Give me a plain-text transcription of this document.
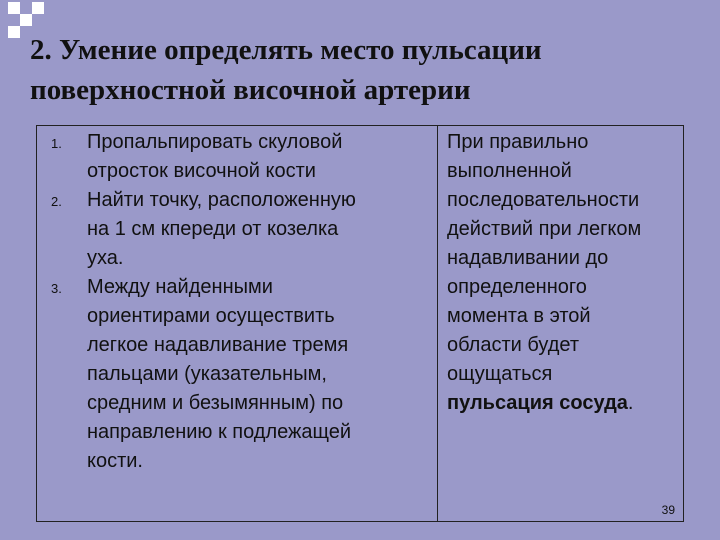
2. Умение определять место пульсации
поверхностной височной артерии
1. Пропальпировать скуловой
отросток височной кости
2. Найти точку, расположенную
на 1 см кпереди от козелка
уха.
3. Между найденными
ориентирами осуществить
легкое надавливание тремя
пальцами (указательным,
средним и безымянным) по
направлению к подлежащей
кости.
При правильно
выполненной
последовательности
действий при легком
надавливании до
определенного
момента в этой
области будет
ощущаться
пульсация сосуда.
39
